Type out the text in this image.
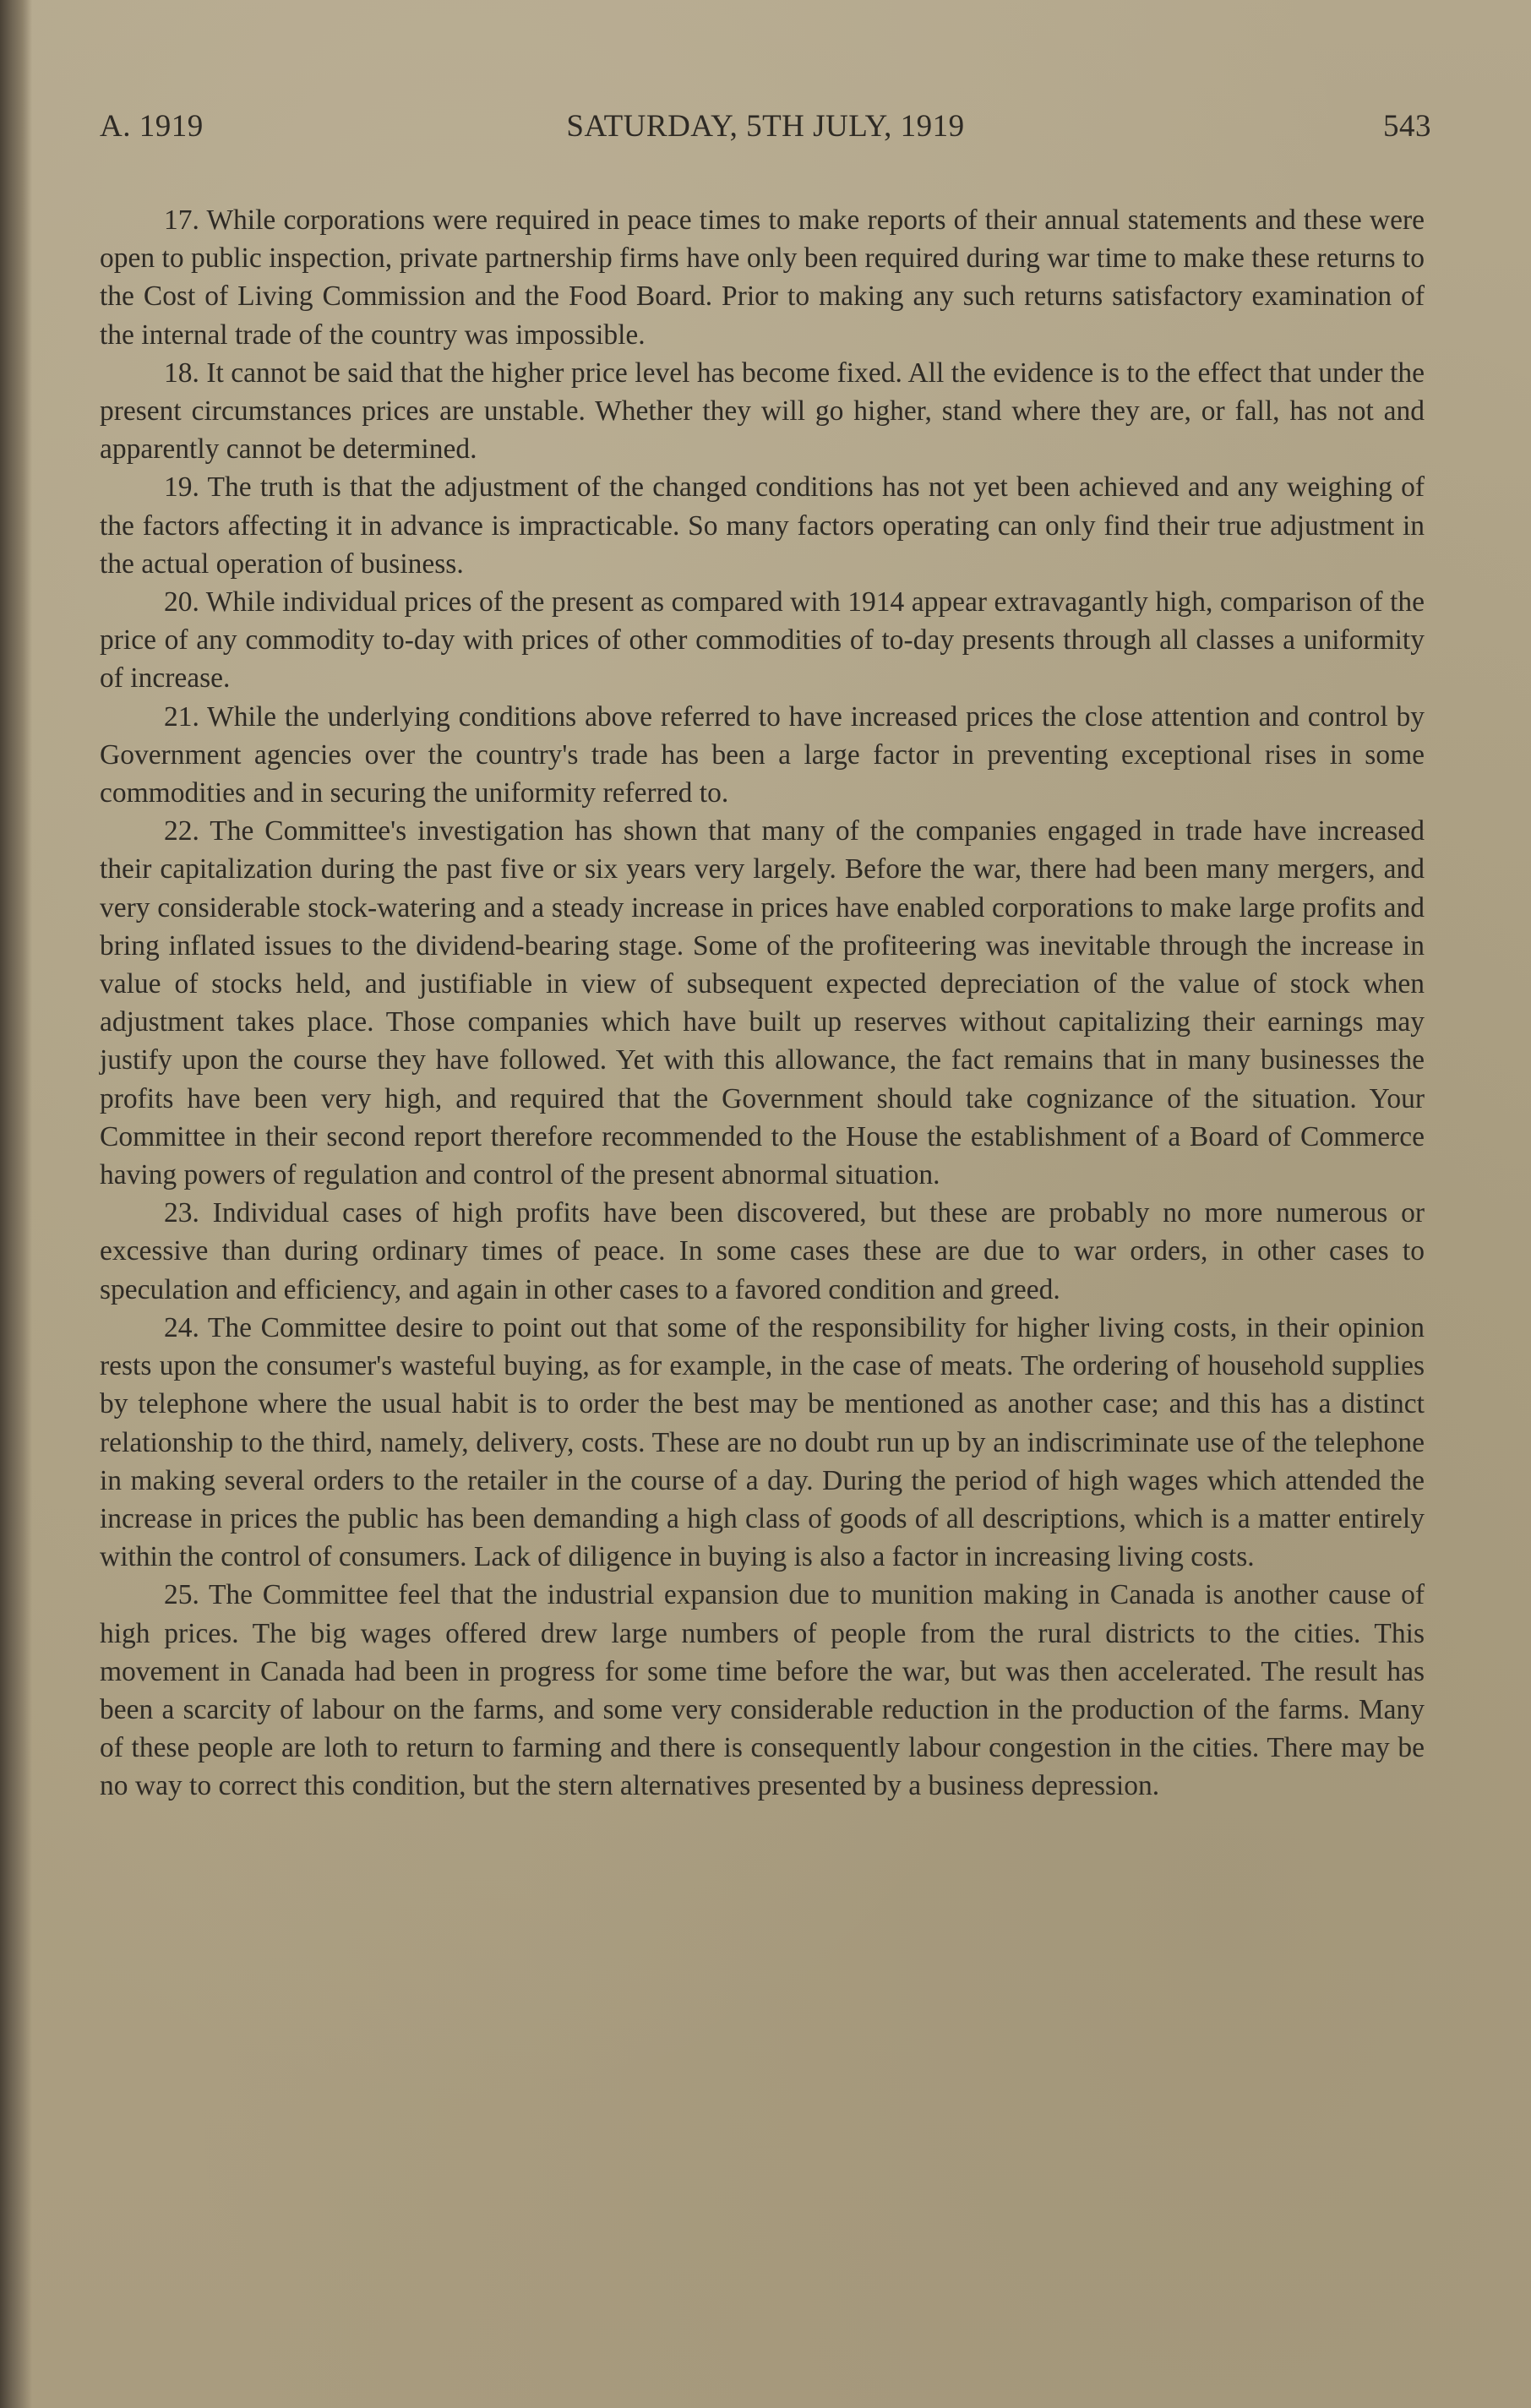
A. 1919	SATURDAY, 5TH JULY, 1919	543

17. While corporations were required in peace times to make reports of their annual statements and these were open to public inspection, private partnership firms have only been required during war time to make these returns to the Cost of Living Commission and the Food Board. Prior to making any such returns satisfactory examination of the internal trade of the country was impossible.

18. It cannot be said that the higher price level has become fixed. All the evidence is to the effect that under the present circumstances prices are unstable. Whether they will go higher, stand where they are, or fall, has not and apparently cannot be determined.

19. The truth is that the adjustment of the changed conditions has not yet been achieved and any weighing of the factors affecting it in advance is impracticable. So many factors operating can only find their true adjustment in the actual operation of business.

20. While individual prices of the present as compared with 1914 appear extravagantly high, comparison of the price of any commodity to-day with prices of other commodities of to-day presents through all classes a uniformity of increase.

21. While the underlying conditions above referred to have increased prices the close attention and control by Government agencies over the country's trade has been a large factor in preventing exceptional rises in some commodities and in securing the uniformity referred to.

22. The Committee's investigation has shown that many of the companies engaged in trade have increased their capitalization during the past five or six years very largely. Before the war, there had been many mergers, and very considerable stock-watering and a steady increase in prices have enabled corporations to make large profits and bring inflated issues to the dividend-bearing stage. Some of the profiteering was inevitable through the increase in value of stocks held, and justifiable in view of subsequent expected depreciation of the value of stock when adjustment takes place. Those companies which have built up reserves without capitalizing their earnings may justify upon the course they have followed. Yet with this allowance, the fact remains that in many businesses the profits have been very high, and required that the Government should take cognizance of the situation. Your Committee in their second report therefore recommended to the House the establishment of a Board of Commerce having powers of regulation and control of the present abnormal situation.

23. Individual cases of high profits have been discovered, but these are probably no more numerous or excessive than during ordinary times of peace. In some cases these are due to war orders, in other cases to speculation and efficiency, and again in other cases to a favored condition and greed.

24. The Committee desire to point out that some of the responsibility for higher living costs, in their opinion rests upon the consumer's wasteful buying, as for example, in the case of meats. The ordering of household supplies by telephone where the usual habit is to order the best may be mentioned as another case; and this has a distinct relationship to the third, namely, delivery, costs. These are no doubt run up by an indiscriminate use of the telephone in making several orders to the retailer in the course of a day. During the period of high wages which attended the increase in prices the public has been demanding a high class of goods of all descriptions, which is a matter entirely within the control of consumers. Lack of diligence in buying is also a factor in increasing living costs.

25. The Committee feel that the industrial expansion due to munition making in Canada is another cause of high prices. The big wages offered drew large numbers of people from the rural districts to the cities. This movement in Canada had been in progress for some time before the war, but was then accelerated. The result has been a scarcity of labour on the farms, and some very considerable reduction in the production of the farms. Many of these people are loth to return to farming and there is consequently labour congestion in the cities. There may be no way to correct this condition, but the stern alternatives presented by a business depression.
